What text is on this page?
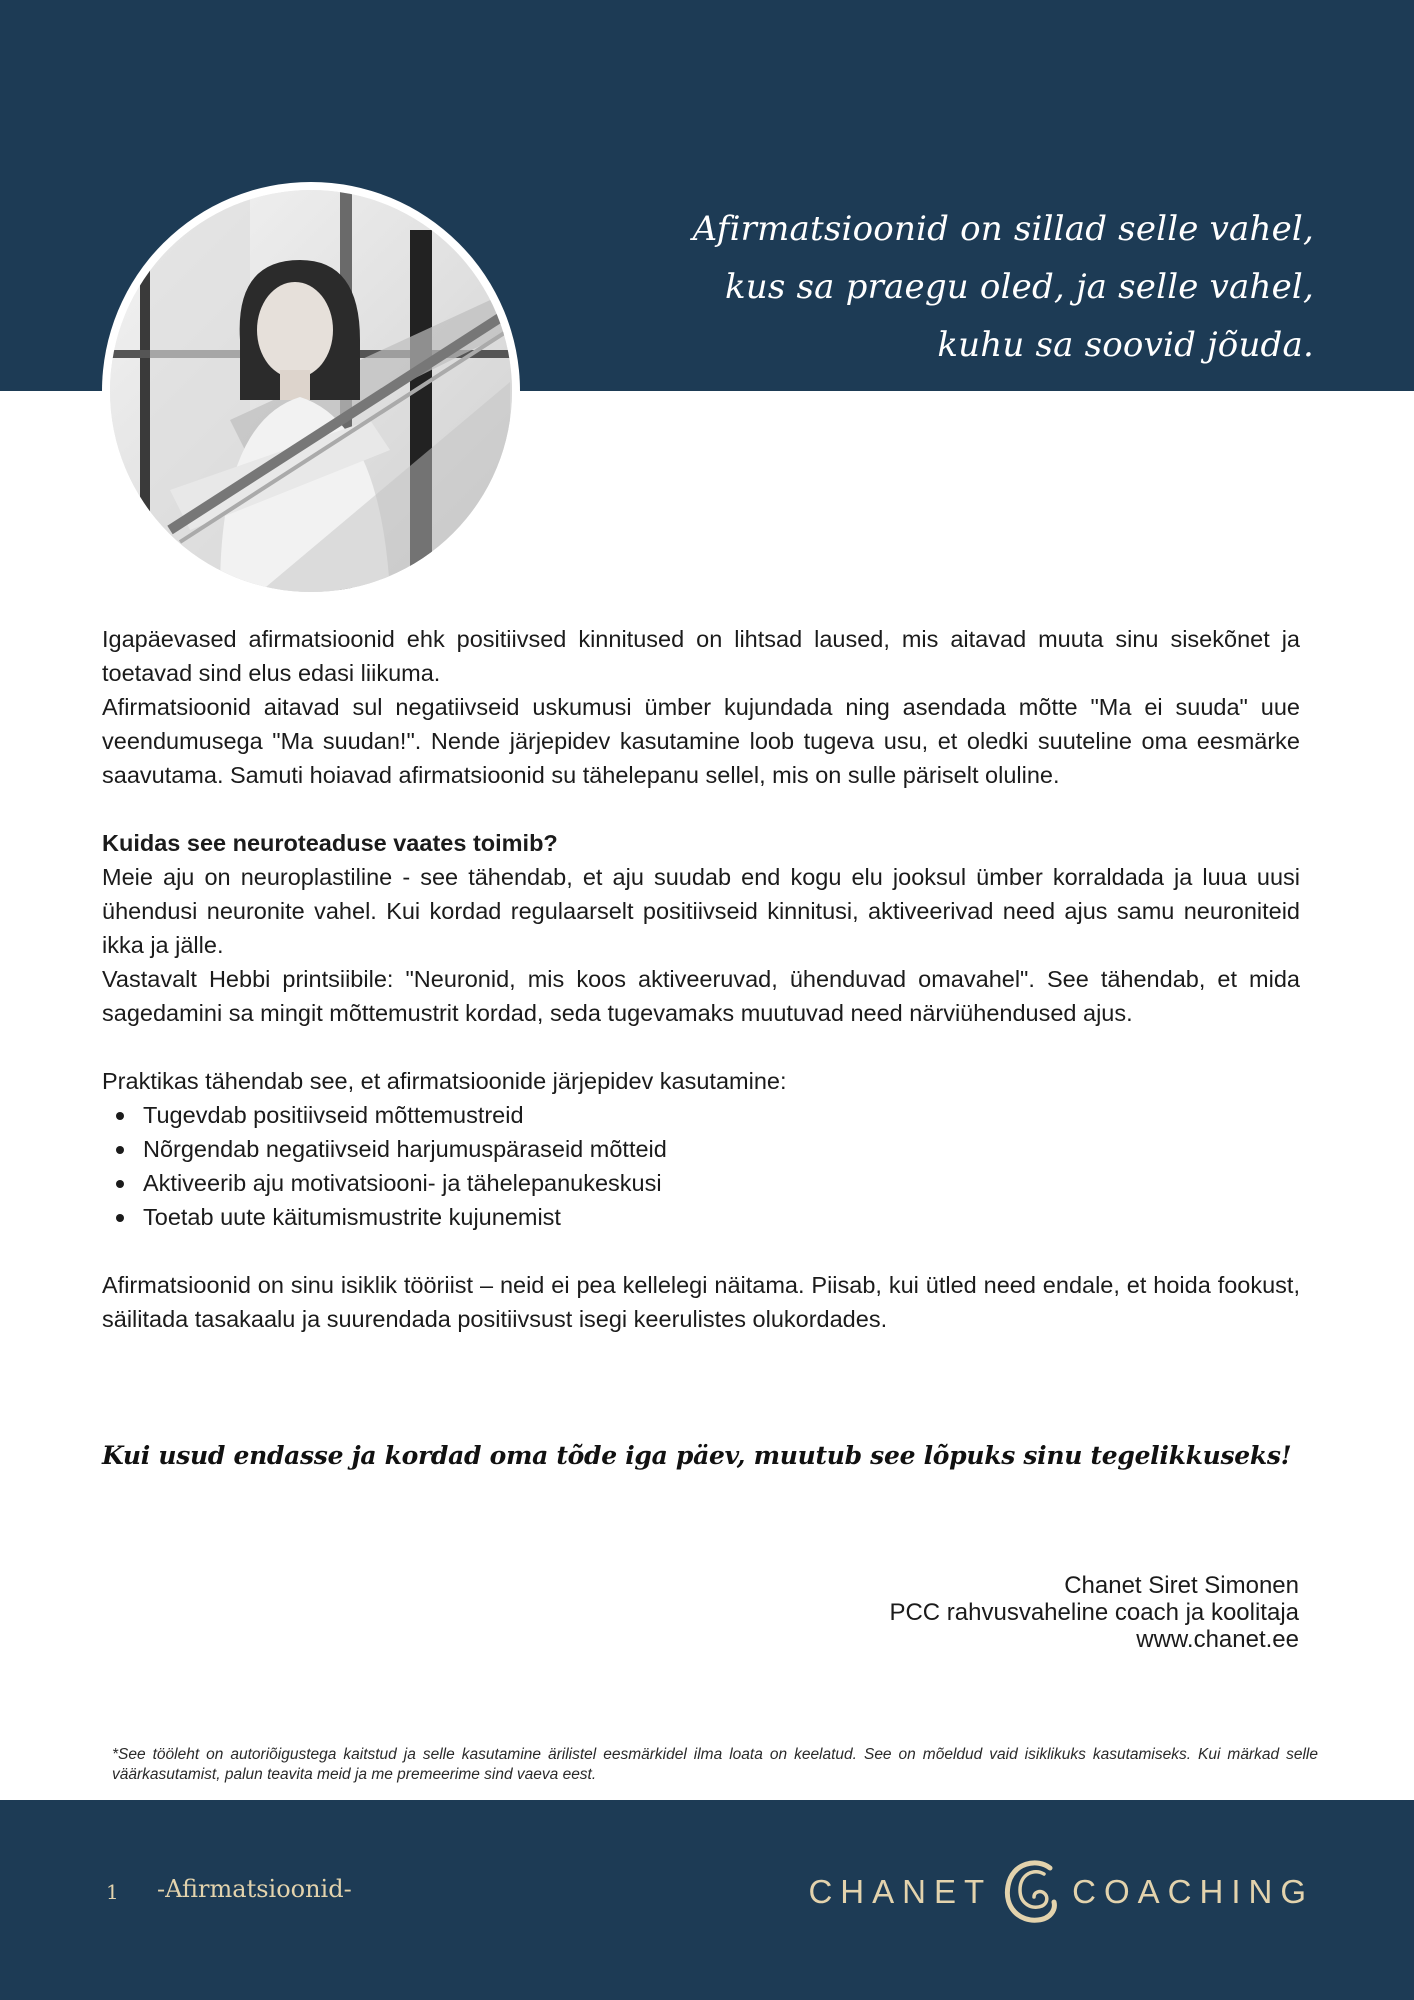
Afirmatsioonid on sillad selle vahel,
kus sa praegu oled, ja selle vahel,
kuhu sa soovid jõuda.

Igapäevased afirmatsioonid ehk positiivsed kinnitused on lihtsad laused, mis aitavad muuta sinu sisekõnet ja toetavad sind elus edasi liikuma.

Afirmatsioonid aitavad sul negatiivseid uskumusi ümber kujundada ning asendada mõtte "Ma ei suuda" uue veendumusega "Ma suudan!". Nende järjepidev kasutamine loob tugeva usu, et oledki suuteline oma eesmärke saavutama. Samuti hoiavad afirmatsioonid su tähelepanu sellel, mis on sulle päriselt oluline.

Kuidas see neuroteaduse vaates toimib?

Meie aju on neuroplastiline - see tähendab, et aju suudab end kogu elu jooksul ümber korraldada ja luua uusi ühendusi neuronite vahel. Kui kordad regulaarselt positiivseid kinnitusi, aktiveerivad need ajus samu neuroniteid ikka ja jälle.

Vastavalt Hebbi printsiibile: "Neuronid, mis koos aktiveeruvad, ühenduvad omavahel". See tähendab, et mida sagedamini sa mingit mõttemustrit kordad, seda tugevamaks muutuvad need närviühendused ajus.

Praktikas tähendab see, et afirmatsioonide järjepidev kasutamine:

Tugevdab positiivseid mõttemustreid
Nõrgendab negatiivseid harjumuspäraseid mõtteid
Aktiveerib aju motivatsiooni- ja tähelepanukeskusi
Toetab uute käitumismustrite kujunemist

Afirmatsioonid on sinu isiklik tööriist – neid ei pea kellelegi näitama. Piisab, kui ütled need endale, et hoida fookust, säilitada tasakaalu ja suurendada positiivsust isegi keerulistes olukordades.

Kui usud endasse ja kordad oma tõde iga päev, muutub see lõpuks sinu tegelikkuseks!
Chanet Siret Simonen
PCC rahvusvaheline coach ja koolitaja
www.chanet.ee
*See tööleht on autoriõigustega kaitstud ja selle kasutamine ärilistel eesmärkidel ilma loata on keelatud. See on mõeldud vaid isiklikuks kasutamiseks. Kui märkad selle väärkasutamist, palun teavita meid ja me premeerime sind vaeva eest.
1 -Afirmatsioonid-	CHANET COACHING
